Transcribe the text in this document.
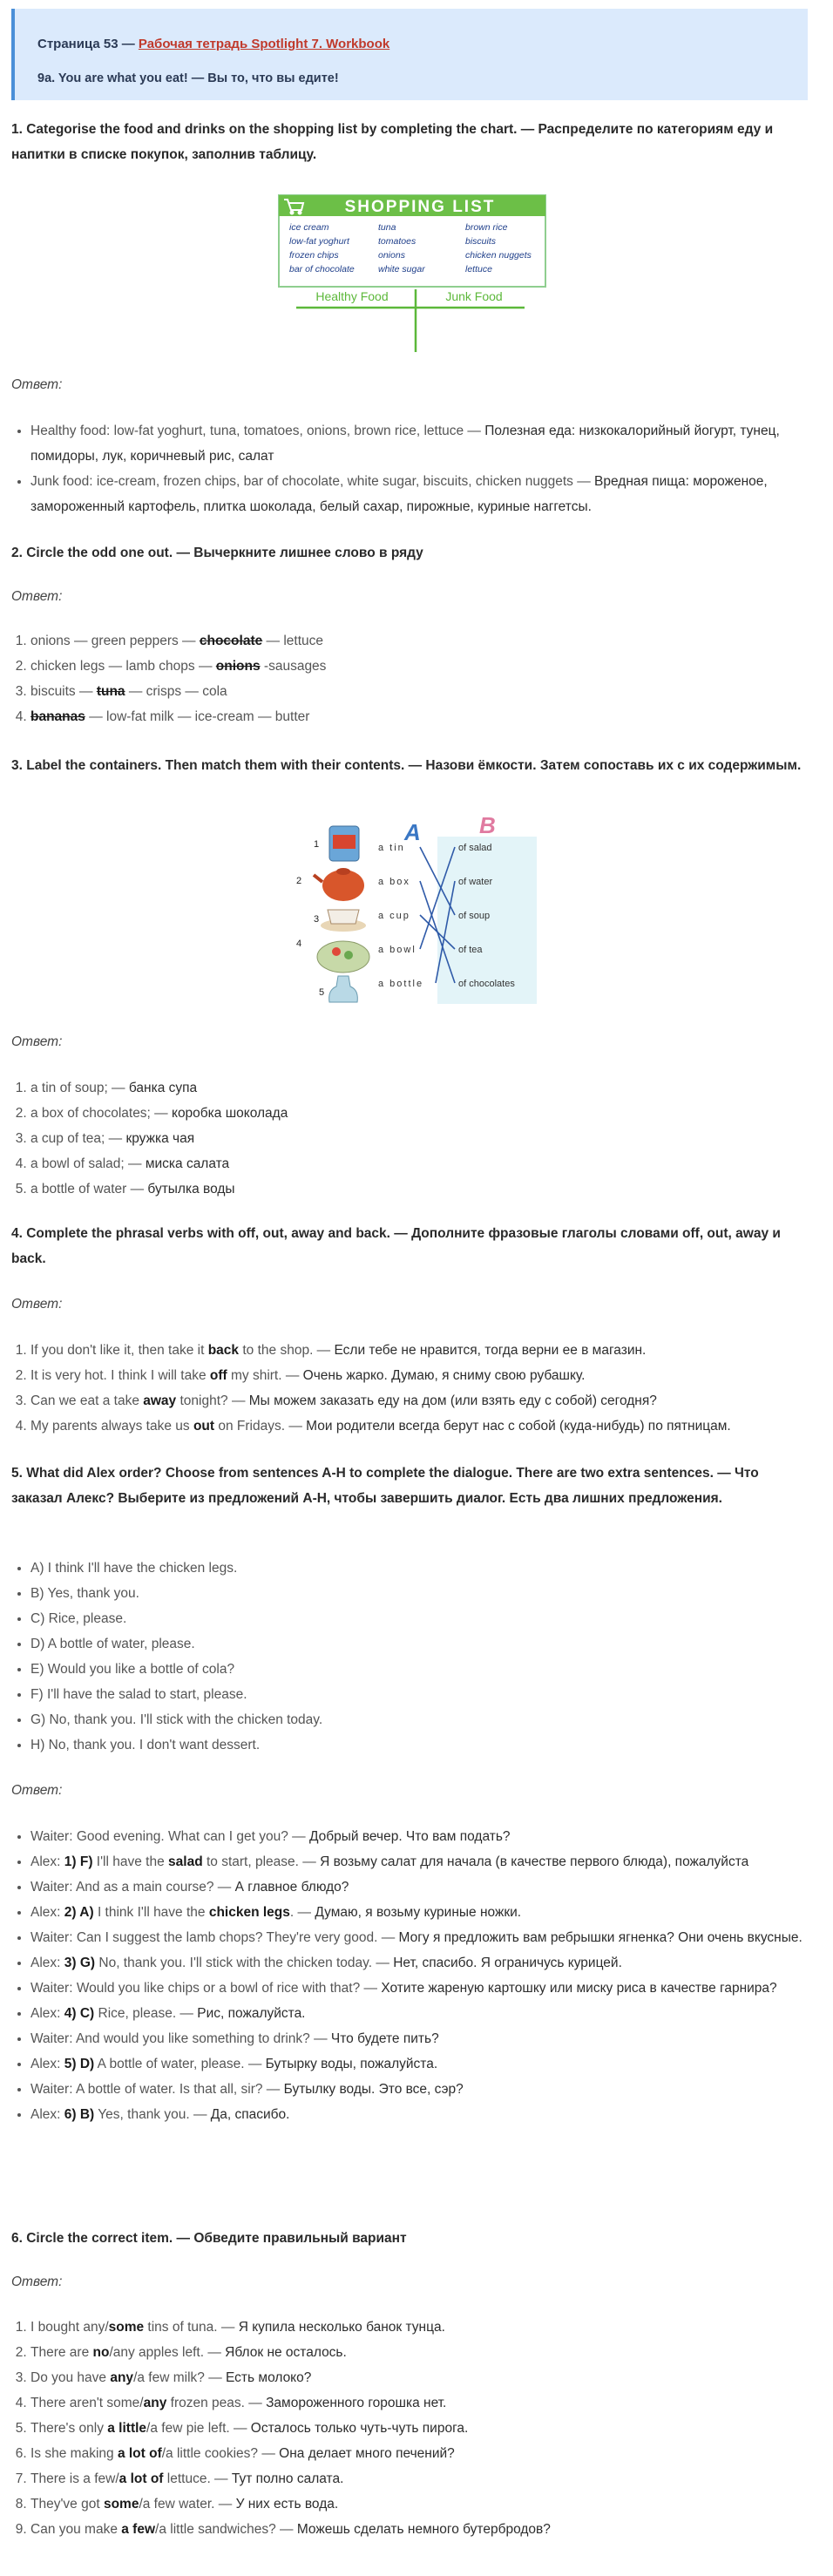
Страница 53 — Рабочая тетрадь Spotlight 7. Workbook
9a. You are what you eat! — Вы то, что вы едите!
1. Categorise the food and drinks on the shopping list by completing the chart. — Распределите по категориям еду и напитки в списке покупок, заполнив таблицу.
SHOPPING LIST
ice cream
low-fat yoghurt
frozen chips
bar of chocolate
tuna
tomatoes
onions
white sugar
brown rice
biscuits
chicken nuggets
lettuce
Healthy Food	Junk Food
Ответ:
• Healthy food: low-fat yoghurt, tuna, tomatoes, onions, brown rice, lettuce — Полезная еда: низкокалорийный йогурт, тунец, помидоры, лук, коричневый рис, салат
• Junk food: ice-cream, frozen chips, bar of chocolate, white sugar, biscuits, chicken nuggets — Вредная пища: мороженое, замороженный картофель, плитка шоколада, белый сахар, пирожные, куриные наггетсы.
2. Circle the odd one out. — Вычеркните лишнее слово в ряду
Ответ:
1. onions — green peppers — chocolate — lettuce
2. chicken legs — lamb chops — onions -sausages
3. biscuits — tuna — crisps — cola
4. bananas — low-fat milk — ice-cream — butter
3. Label the containers. Then match them with their contents. — Назови ёмкости. Затем сопоставь их с их содержимым.
A	B
1
2
3
4
5
a tin
a box
a cup
a bowl
a bottle
of salad
of water
of soup
of tea
of chocolates
Ответ:
1. a tin of soup; — банка супа
2. a box of chocolates; — коробка шоколада
3. a cup of tea; — кружка чая
4. a bowl of salad; — миска салата
5. a bottle of water — бутылка воды
4. Complete the phrasal verbs with off, out, away and back. — Дополните фразовые глаголы словами off, out, away и back.
Ответ:
1. If you don't like it, then take it back to the shop. — Если тебе не нравится, тогда верни ее в магазин.
2. It is very hot. I think I will take off my shirt. — Очень жарко. Думаю, я сниму свою рубашку.
3. Can we eat a take away tonight? — Мы можем заказать еду на дом (или взять еду с собой) сегодня?
4. My parents always take us out on Fridays. — Мои родители всегда берут нас с собой (куда-нибудь) по пятницам.
5. What did Alex order? Choose from sentences A-H to complete the dialogue. There are two extra sentences. — Что заказал Алекс? Выберите из предложений A-H, чтобы завершить диалог. Есть два лишних предложения.
• A) I think I'll have the chicken legs.
• B) Yes, thank you.
• C) Rice, please.
• D) A bottle of water, please.
• E) Would you like a bottle of cola?
• F) I'll have the salad to start, please.
• G) No, thank you. I'll stick with the chicken today.
• H) No, thank you. I don't want dessert.
Ответ:
• Waiter: Good evening. What can I get you? — Добрый вечер. Что вам подать?
• Alex: 1) F) I'll have the salad to start, please. — Я возьму салат для начала (в качестве первого блюда), пожалуйста
• Waiter: And as a main course? — А главное блюдо?
• Alex: 2) A) I think I'll have the chicken legs. — Думаю, я возьму куриные ножки.
• Waiter: Can I suggest the lamb chops? They're very good. — Могу я предложить вам ребрышки ягненка? Они очень вкусные.
• Alex: 3) G) No, thank you. I'll stick with the chicken today. — Нет, спасибо. Я ограничусь курицей.
• Waiter: Would you like chips or a bowl of rice with that? — Хотите жареную картошку или миску риса в качестве гарнира?
• Alex: 4) C) Rice, please. — Рис, пожалуйста.
• Waiter: And would you like something to drink? — Что будете пить?
• Alex: 5) D) A bottle of water, please. — Бутырку воды, пожалуйста.
• Waiter: A bottle of water. Is that all, sir? — Бутылку воды. Это все, сэр?
• Alex: 6) B) Yes, thank you. — Да, спасибо.
6. Circle the correct item. — Обведите правильный вариант
Ответ:
1. I bought any/some tins of tuna. — Я купила несколько банок тунца.
2. There are no/any apples left. — Яблок не осталось.
3. Do you have any/a few milk? — Есть молоко?
4. There aren't some/any frozen peas. — Замороженного горошка нет.
5. There's only a little/a few pie left. — Осталось только чуть-чуть пирога.
6. Is she making a lot of/a little cookies? — Она делает много печений?
7. There is a few/a lot of lettuce. — Тут полно салата.
8. They've got some/a few water. — У них есть вода.
9. Can you make a few/a little sandwiches? — Можешь сделать немного бутербродов?
